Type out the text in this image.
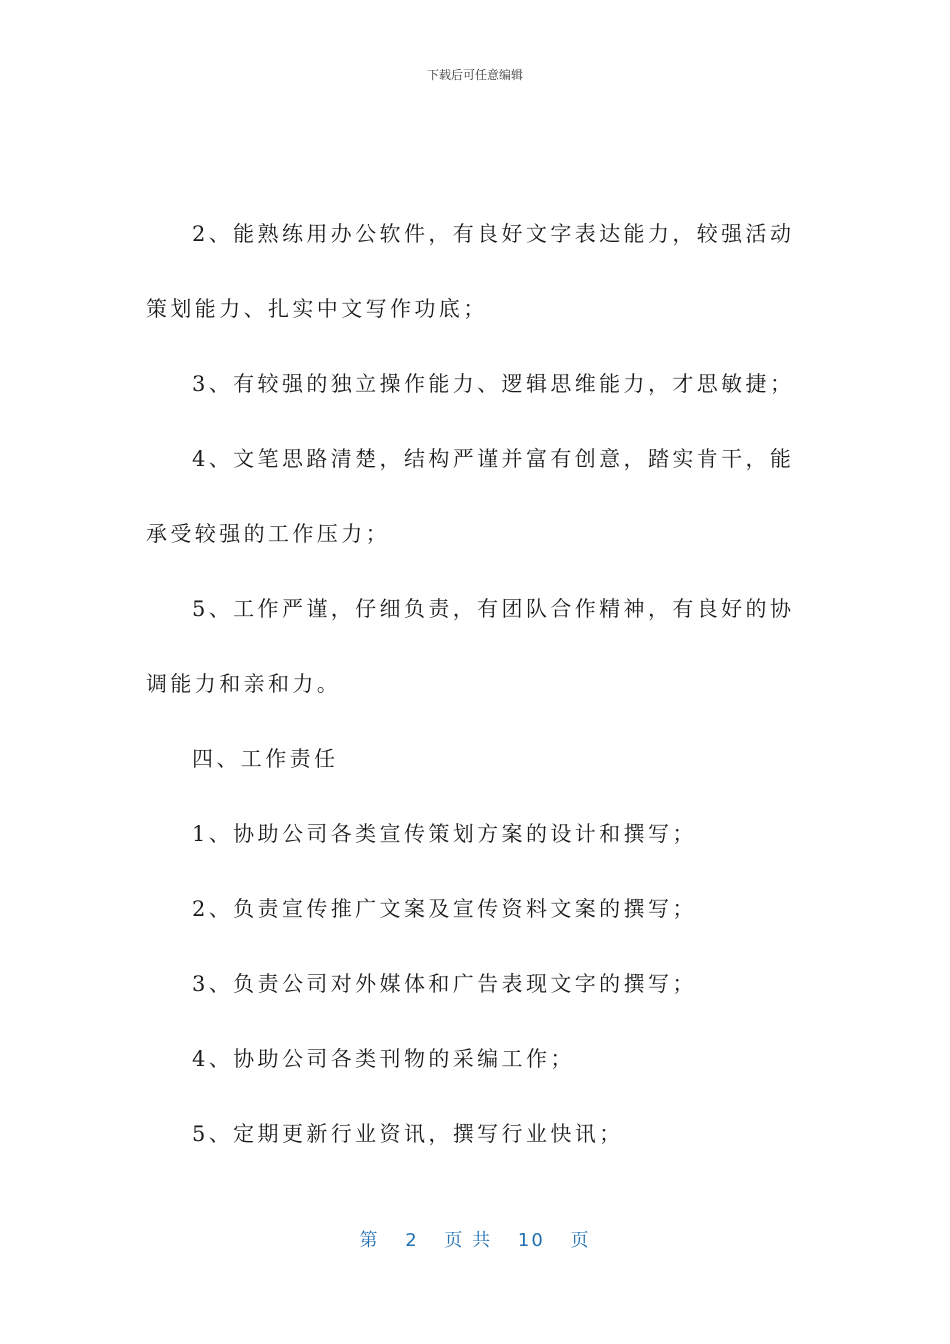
下载后可任意编辑

2、能熟练用办公软件，有良好文字表达能力，较强活动策划能力、扎实中文写作功底；

3、有较强的独立操作能力、逻辑思维能力，才思敏捷；

4、文笔思路清楚，结构严谨并富有创意，踏实肯干，能承受较强的工作压力；

5、工作严谨，仔细负责，有团队合作精神，有良好的协调能力和亲和力。

四、工作责任

1、协助公司各类宣传策划方案的设计和撰写；

2、负责宣传推广文案及宣传资料文案的撰写；

3、负责公司对外媒体和广告表现文字的撰写；

4、协助公司各类刊物的采编工作；

5、定期更新行业资讯，撰写行业快讯；

第 2 页 共 10 页
